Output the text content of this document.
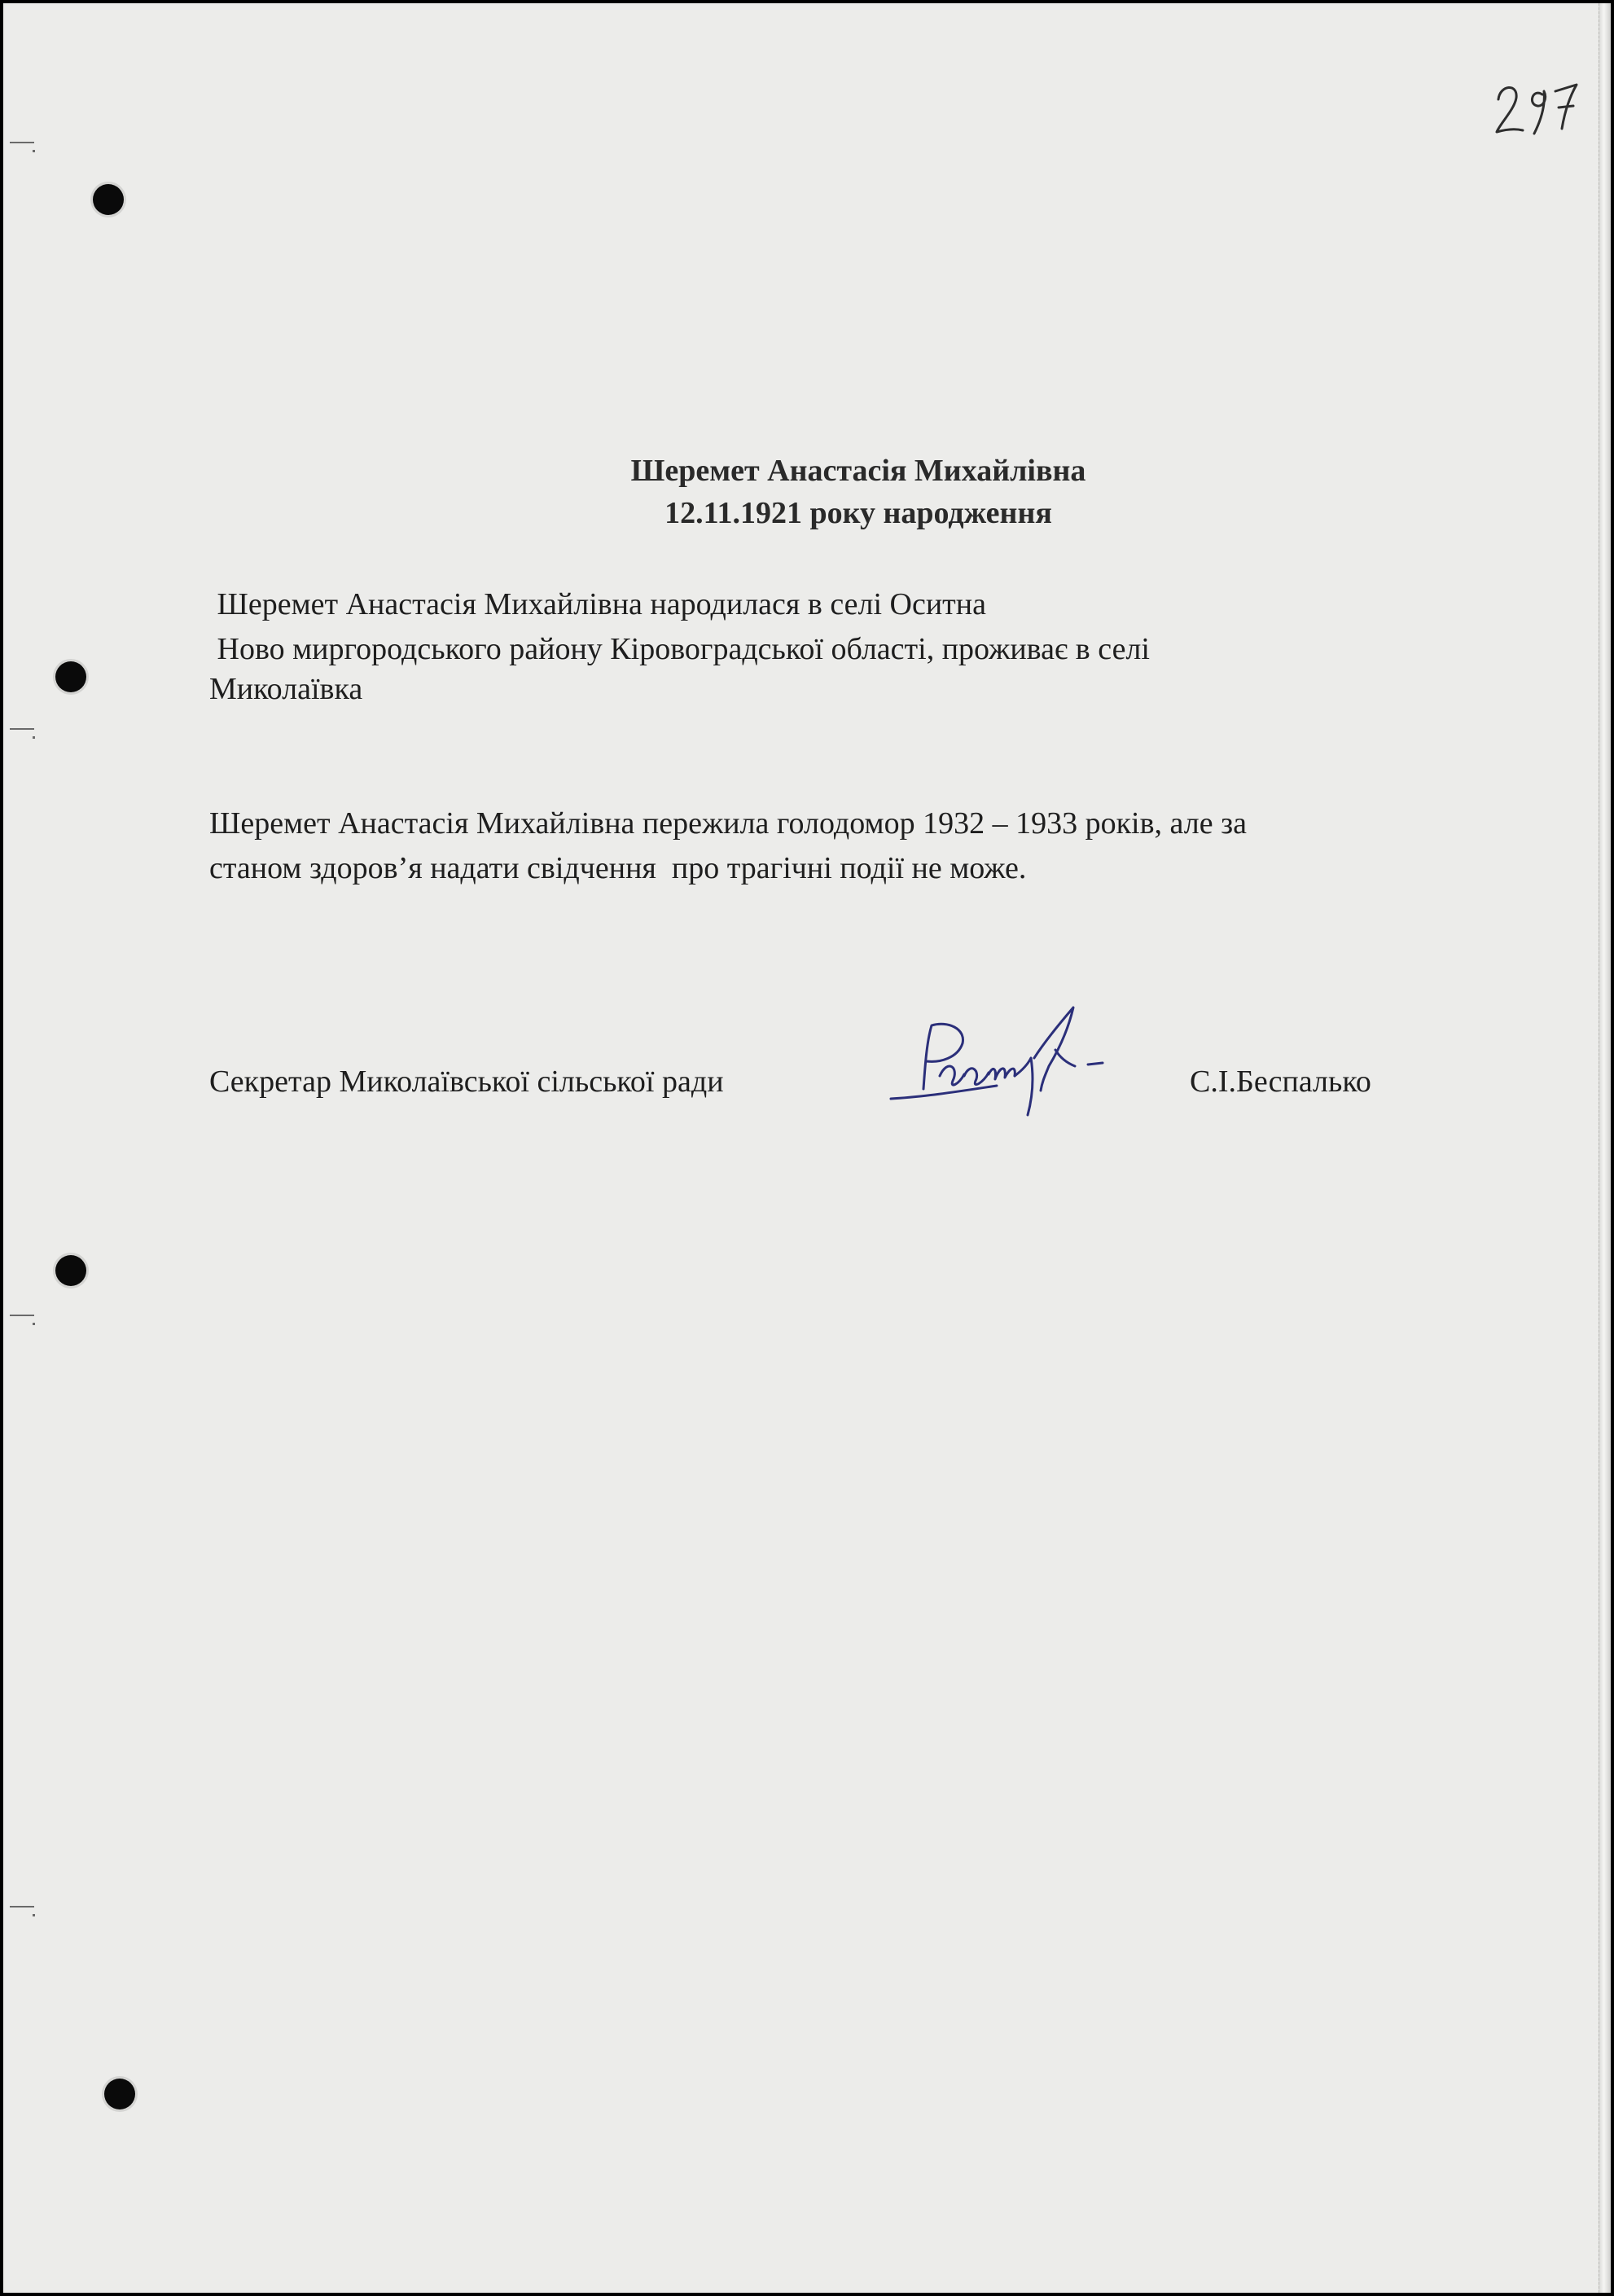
Шеремет Анастасія Михайлівна
12.11.1921 року народження
Шеремет Анастасія Михайлівна народилася в селі Оситна
Ново миргородського району Кіровоградської області, проживає в селі
Миколаївка
Шеремет Анастасія Михайлівна пережила голодомор 1932 – 1933 років, але за
станом здоров’я надати свідчення  про трагічні події не може.
Секретар Миколаївської сільської ради	С.І.Беспалько
